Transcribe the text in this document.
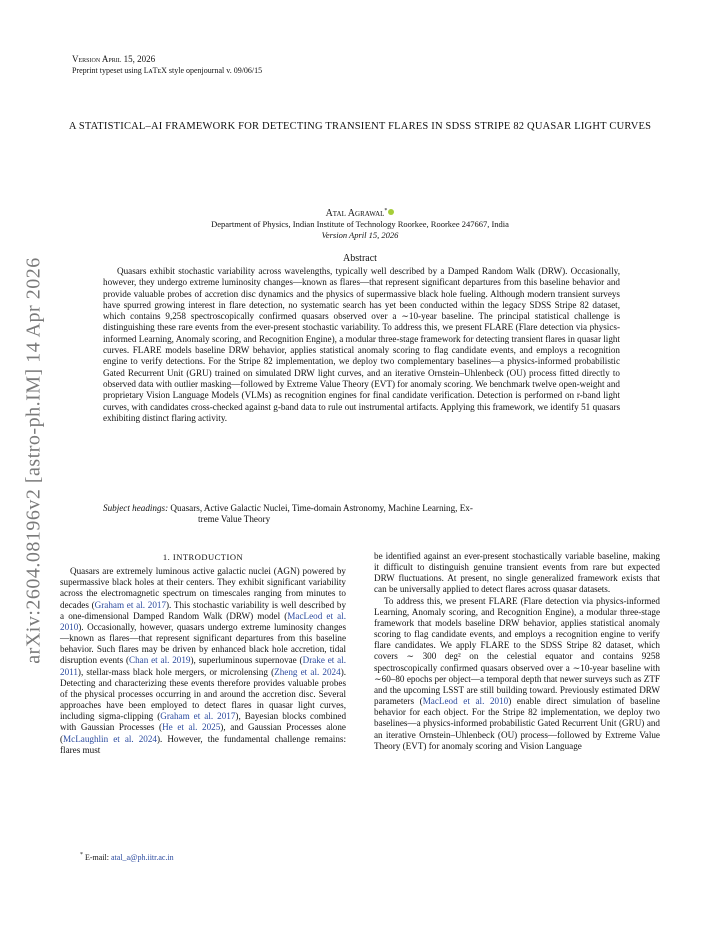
arXiv:2604.08196v2 [astro-ph.IM] 14 Apr 2026
Version April 15, 2026
Preprint typeset using LᴀTᴇX style openjournal v. 09/06/15
A STATISTICAL–AI FRAMEWORK FOR DETECTING TRANSIENT FLARES IN SDSS STRIPE 82 QUASAR LIGHT CURVES
Atal Agrawal*
Department of Physics, Indian Institute of Technology Roorkee, Roorkee 247667, India
Version April 15, 2026
Abstract
Quasars exhibit stochastic variability across wavelengths, typically well described by a Damped Random Walk (DRW). Occasionally, however, they undergo extreme luminosity changes—known as flares—that represent significant departures from this baseline behavior and provide valuable probes of accretion disc dynamics and the physics of supermassive black hole fueling. Although modern transient surveys have spurred growing interest in flare detection, no systematic search has yet been conducted within the legacy SDSS Stripe 82 dataset, which contains 9,258 spectroscopically confirmed quasars observed over a ∼10-year baseline. The principal statistical challenge is distinguishing these rare events from the ever-present stochastic variability. To address this, we present FLARE (Flare detection via physics-informed Learning, Anomaly scoring, and Recognition Engine), a modular three-stage framework for detecting transient flares in quasar light curves. FLARE models baseline DRW behavior, applies statistical anomaly scoring to flag candidate events, and employs a recognition engine to verify detections. For the Stripe 82 implementation, we deploy two complementary baselines—a physics-informed probabilistic Gated Recurrent Unit (GRU) trained on simulated DRW light curves, and an iterative Ornstein–Uhlenbeck (OU) process fitted directly to observed data with outlier masking—followed by Extreme Value Theory (EVT) for anomaly scoring. We benchmark twelve open-weight and proprietary Vision Language Models (VLMs) as recognition engines for final candidate verification. Detection is performed on r-band light curves, with candidates cross-checked against g-band data to rule out instrumental artifacts. Applying this framework, we identify 51 quasars exhibiting distinct flaring activity.
Subject headings: Quasars, Active Galactic Nuclei, Time-domain Astronomy, Machine Learning, Ex-
treme Value Theory
1. INTRODUCTION

Quasars are extremely luminous active galactic nuclei (AGN) powered by supermassive black holes at their centers. They exhibit significant variability across the electromagnetic spectrum on timescales ranging from minutes to decades (Graham et al. 2017). This stochastic variability is well described by a one-dimensional Damped Random Walk (DRW) model (MacLeod et al. 2010). Occasionally, however, quasars undergo extreme luminosity changes—known as flares—that represent significant departures from this baseline behavior. Such flares may be driven by enhanced black hole accretion, tidal disruption events (Chan et al. 2019), superluminous supernovae (Drake et al. 2011), stellar-mass black hole mergers, or microlensing (Zheng et al. 2024). Detecting and characterizing these events therefore provides valuable probes of the physical processes occurring in and around the accretion disc. Several approaches have been employed to detect flares in quasar light curves, including sigma-clipping (Graham et al. 2017), Bayesian blocks combined with Gaussian Processes (He et al. 2025), and Gaussian Processes alone (McLaughlin et al. 2024). However, the fundamental challenge remains: flares must

be identified against an ever-present stochastically variable baseline, making it difficult to distinguish genuine transient events from rare but expected DRW fluctuations. At present, no single generalized framework exists that can be universally applied to detect flares across quasar datasets.

To address this, we present FLARE (Flare detection via physics-informed Learning, Anomaly scoring, and Recognition Engine), a modular three-stage framework that models baseline DRW behavior, applies statistical anomaly scoring to flag candidate events, and employs a recognition engine to verify flare candidates. We apply FLARE to the SDSS Stripe 82 dataset, which covers ∼ 300 deg² on the celestial equator and contains 9258 spectroscopically confirmed quasars observed over a ∼10-year baseline with ∼60–80 epochs per object—a temporal depth that newer surveys such as ZTF and the upcoming LSST are still building toward. Previously estimated DRW parameters (MacLeod et al. 2010) enable direct simulation of baseline behavior for each object. For the Stripe 82 implementation, we deploy two baselines—a physics-informed probabilistic Gated Recurrent Unit (GRU) and an iterative Ornstein–Uhlenbeck (OU) process—followed by Extreme Value Theory (EVT) for anomaly scoring and Vision Language

* E-mail: atal_a@ph.iitr.ac.in
